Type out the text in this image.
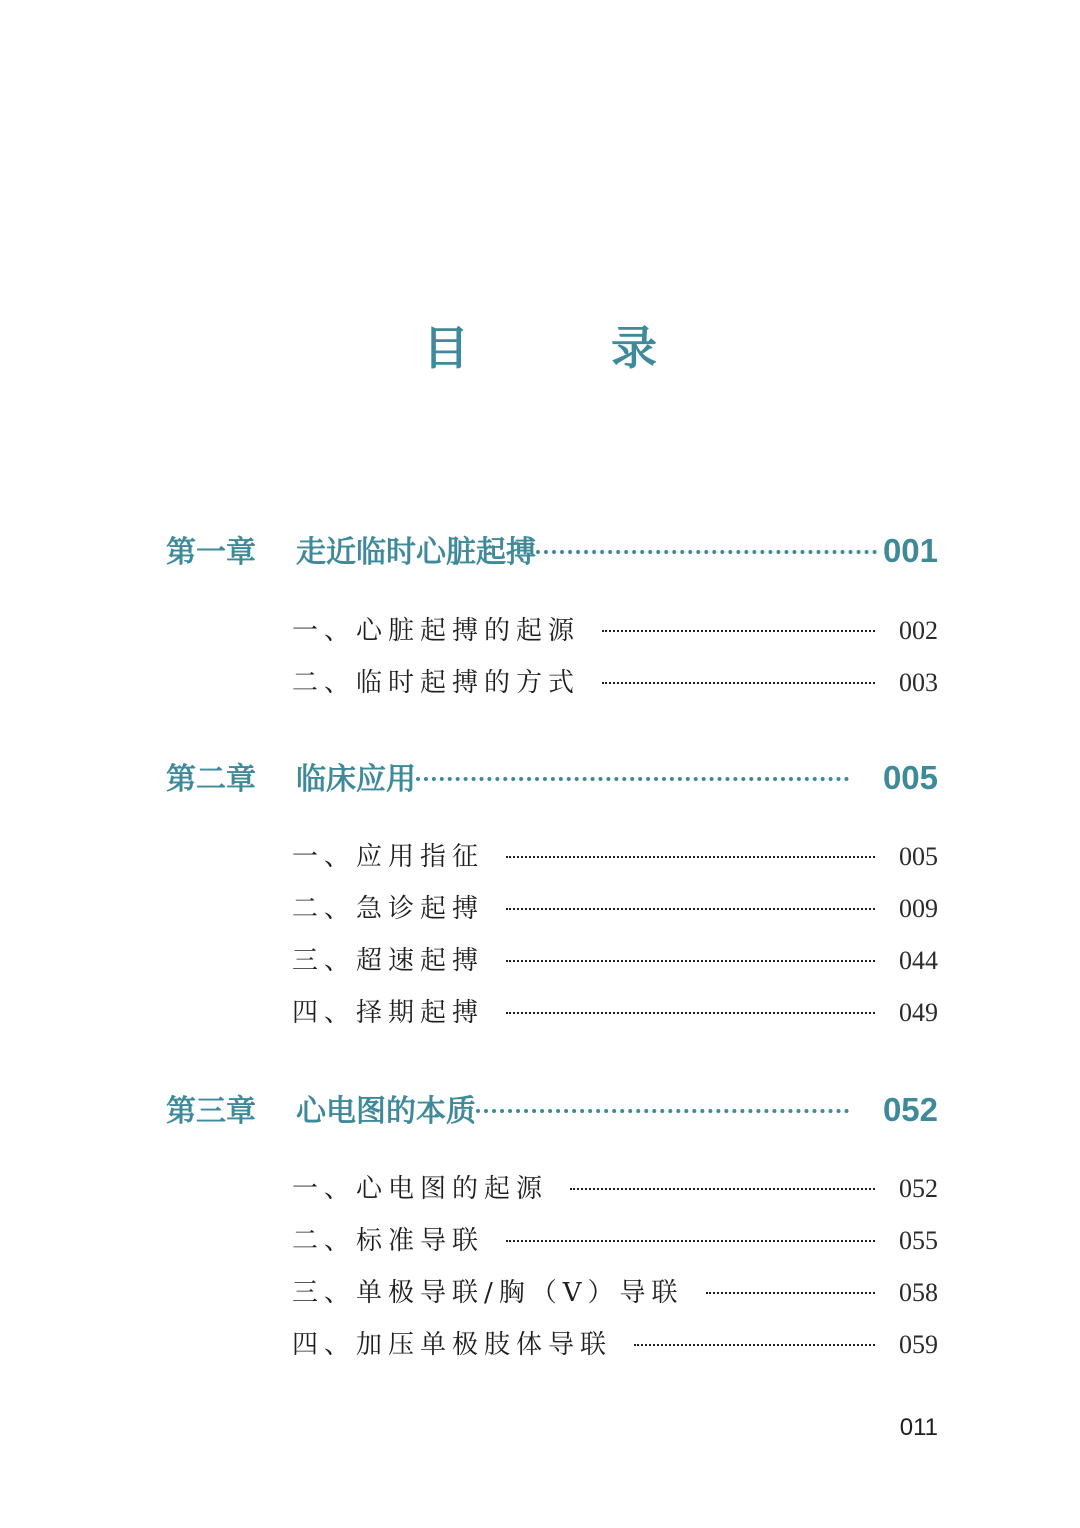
目　录
第一章	走近临时心脏起搏	001
一、心脏起搏的起源	002
二、临时起搏的方式	003
第二章	临床应用	005
一、应用指征	005
二、急诊起搏	009
三、超速起搏	044
四、择期起搏	049
第三章	心电图的本质	052
一、心电图的起源	052
二、标准导联	055
三、单极导联/胸（V）导联	058
四、加压单极肢体导联	059
011
